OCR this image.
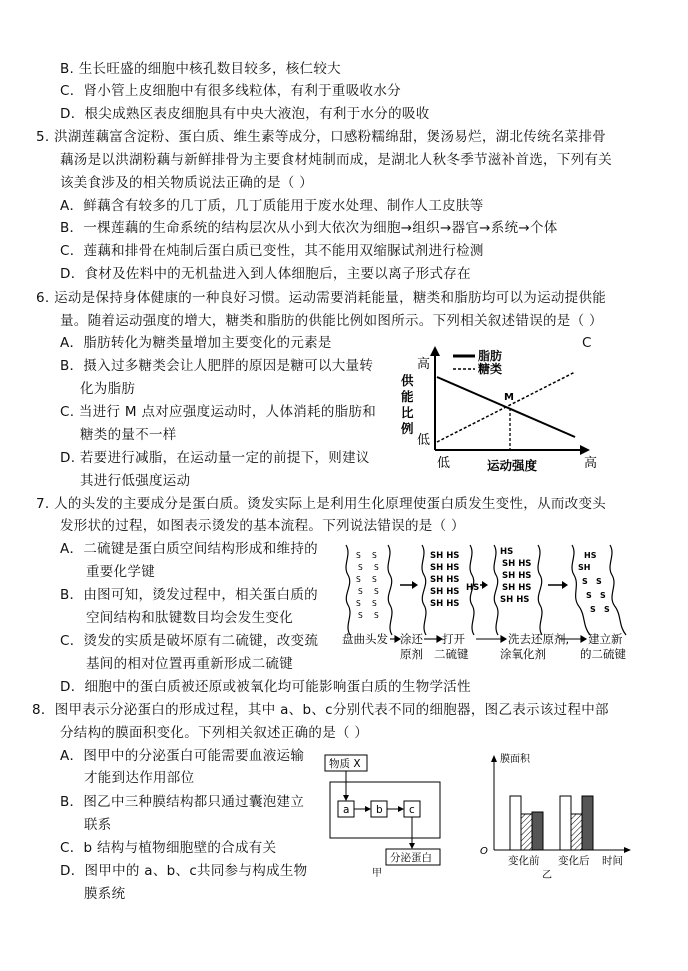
B. 生长旺盛的细胞中核孔数目较多，核仁较大
C．肾小管上皮细胞中有很多线粒体，有利于重吸收水分
D．根尖成熟区表皮细胞具有中央大液泡，有利于水分的吸收
5. 洪湖莲藕富含淀粉、蛋白质、维生素等成分，口感粉糯绵甜，煲汤易烂，湖北传统名菜排骨
藕汤是以洪湖粉藕与新鲜排骨为主要食材炖制而成，是湖北人秋冬季节滋补首选，下列有关
该美食涉及的相关物质说法正确的是（ ）
A．鲜藕含有较多的几丁质，几丁质能用于废水处理、制作人工皮肤等
B．一棵莲藕的生命系统的结构层次从小到大依次为细胞→组织→器官→系统→个体
C．莲藕和排骨在炖制后蛋白质已变性，其不能用双缩脲试剂进行检测
D．食材及佐料中的无机盐进入到人体细胞后，主要以离子形式存在
6. 运动是保持身体健康的一种良好习惯。运动需要消耗能量，糖类和脂肪均可以为运动提供能
量。随着运动强度的增大，糖类和脂肪的供能比例如图所示。下列相关叙述错误的是（ ）
A．脂肪转化为糖类量增加主要变化的元素是	C
B．摄入过多糖类会让人肥胖的原因是糖可以大量转
化为脂肪
C. 当进行 M 点对应强度运动时，人体消耗的脂肪和
糖类的量不一样
D. 若要进行减脂，在运动量一定的前提下，则建议
其进行低强度运动
高
低
供
能
比
例
低	运动强度	高
脂肪
糖类
M
7. 人的头发的主要成分是蛋白质。烫发实际上是利用生化原理使蛋白质发生变性，从而改变头
发形状的过程，如图表示烫发的基本流程。下列说法错误的是（ ）
A．二硫键是蛋白质空间结构形成和维持的
重要化学键
B．由图可知，烫发过程中，相关蛋白质的
空间结构和肽键数目均会发生变化
C．烫发的实质是破坏原有二硫键，改变巯
基间的相对位置再重新形成二硫键
D．细胞中的蛋白质被还原或被氧化均可能影响蛋白质的生物学活性
S S
S S
S S
S S
S S
S S
SH HS
SH HS
SH HS
SH HS
SH HS
HS
HS
SH HS
SH HS
SH HS
SH HS
HS
SH
S S
S S
S S
盘曲头发 涂还
原剂
打开
二硫键
洗去还原剂,
涂氧化剂
建立新
的二硫键
8．图甲表示分泌蛋白的形成过程，其中 a、b、c分别代表不同的细胞器，图乙表示该过程中部
分结构的膜面积变化。下列相关叙述正确的是（ ）
A．图甲中的分泌蛋白可能需要血液运输
才能到达作用部位
B．图乙中三种膜结构都只通过囊泡建立
联系
C．b 结构与植物细胞壁的合成有关
D．图甲中的 a、b、c共同参与构成生物
膜系统
物质 X
a	b	c
分泌蛋白
甲
膜面积
O
变化前 变化后 时间
乙
